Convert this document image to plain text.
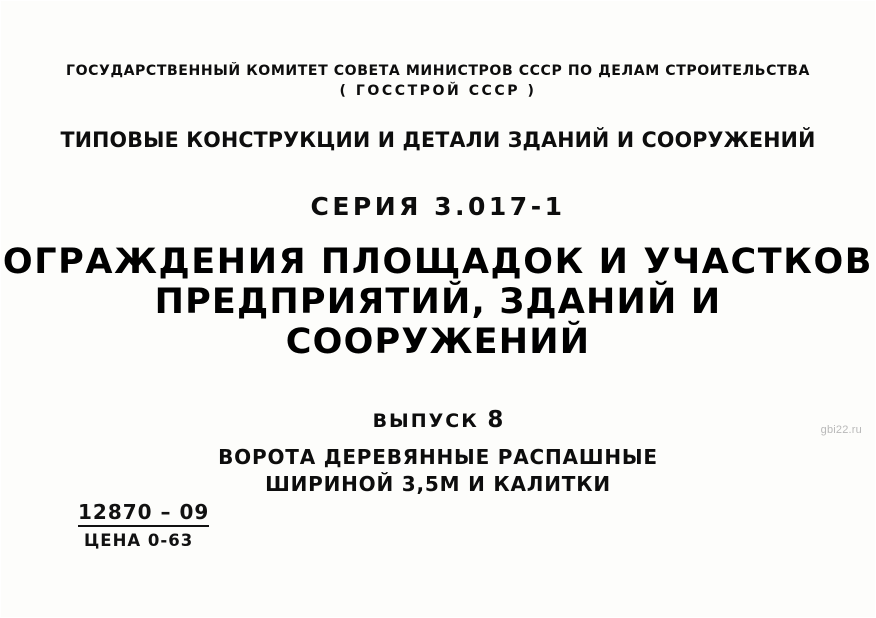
ГОСУДАРСТВЕННЫЙ КОМИТЕТ СОВЕТА МИНИСТРОВ СССР ПО ДЕЛАМ СТРОИТЕЛЬСТВА
( ГОССТРОЙ СССР )
ТИПОВЫЕ КОНСТРУКЦИИ И ДЕТАЛИ ЗДАНИЙ И СООРУЖЕНИЙ
СЕРИЯ 3.017-1
ОГРАЖДЕНИЯ ПЛОЩАДОК И УЧАСТКОВ
ПРЕДПРИЯТИЙ, ЗДАНИЙ И СООРУЖЕНИЙ
ВЫПУСК 8
ВОРОТА ДЕРЕВЯННЫЕ РАСПАШНЫЕ
ШИРИНОЙ 3,5М И КАЛИТКИ
12870 – 09
ЦЕНА 0-63
gbi22.ru
